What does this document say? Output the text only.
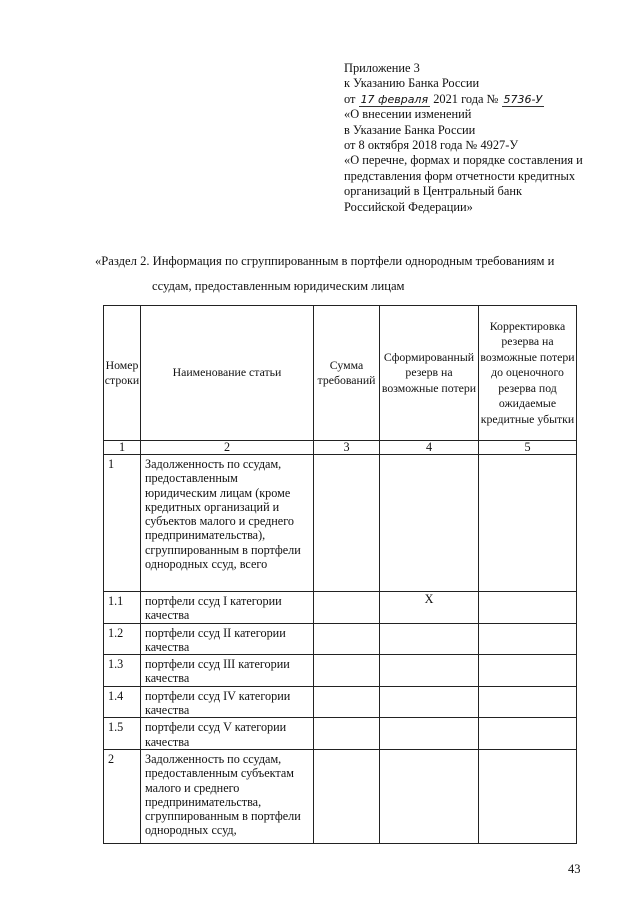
Приложение 3
к Указанию Банка России
от 17 февраля 2021 года № 5736-У
«О внесении изменений
в Указание Банка России
от 8 октября 2018 года № 4927-У
«О перечне, формах и порядке составления и
представления форм отчетности кредитных
организаций в Центральный банк
Российской Федерации»
«Раздел 2. Информация по сгруппированным в портфели однородным требованиям и
ссудам, предоставленным юридическим лицам
Номер строки	Наименование статьи	Сумма требований	Сформированный резерв на возможные потери	Корректировка резерва на возможные потери до оценочного резерва под ожидаемые кредитные убытки
1	2	3	4	5
1	Задолженность по ссудам, предоставленным юридическим лицам (кроме кредитных организаций и субъектов малого и среднего предпринимательства), сгруппированным в портфели однородных ссуд, всего			
1.1	портфели ссуд I категории качества		Х	
1.2	портфели ссуд II категории качества			
1.3	портфели ссуд III категории качества			
1.4	портфели ссуд IV категории качества			
1.5	портфели ссуд V категории качества			
2	Задолженность по ссудам, предоставленным субъектам малого и среднего предпринимательства, сгруппированным в портфели однородных ссуд,			
43
